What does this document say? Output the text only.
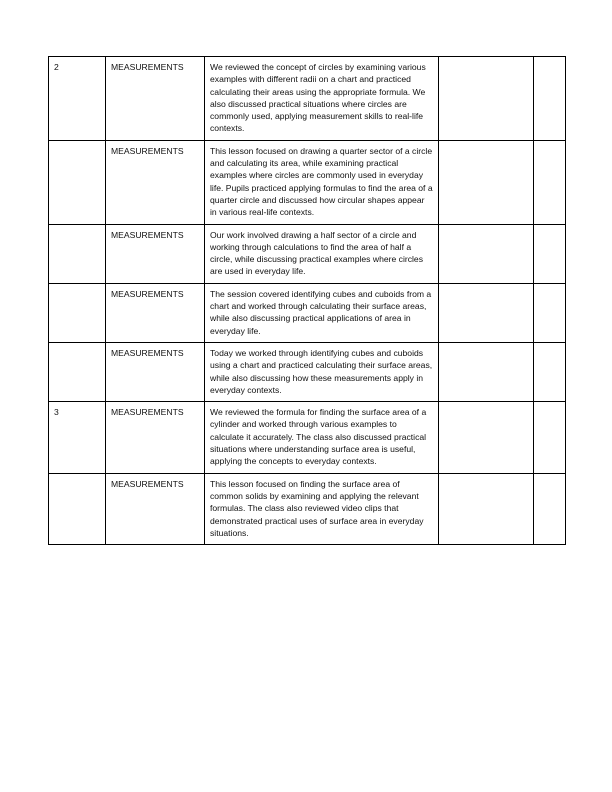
2	MEASUREMENTS	We reviewed the concept of circles by examining various examples with different radii on a chart and practiced calculating their areas using the appropriate formula. We also discussed practical situations where circles are commonly used, applying measurement skills to real-life contexts.		
	MEASUREMENTS	This lesson focused on drawing a quarter sector of a circle and calculating its area, while examining practical examples where circles are commonly used in everyday life. Pupils practiced applying formulas to find the area of a quarter circle and discussed how circular shapes appear in various real-life contexts.		
	MEASUREMENTS	Our work involved drawing a half sector of a circle and working through calculations to find the area of half a circle, while discussing practical examples where circles are used in everyday life.		
	MEASUREMENTS	The session covered identifying cubes and cuboids from a chart and worked through calculating their surface areas, while also discussing practical applications of area in everyday life.		
	MEASUREMENTS	Today we worked through identifying cubes and cuboids using a chart and practiced calculating their surface areas, while also discussing how these measurements apply in everyday contexts.		
3	MEASUREMENTS	We reviewed the formula for finding the surface area of a cylinder and worked through various examples to calculate it accurately. The class also discussed practical situations where understanding surface area is useful, applying the concepts to everyday contexts.		
	MEASUREMENTS	This lesson focused on finding the surface area of common solids by examining and applying the relevant formulas. The class also reviewed video clips that demonstrated practical uses of surface area in everyday situations.		
